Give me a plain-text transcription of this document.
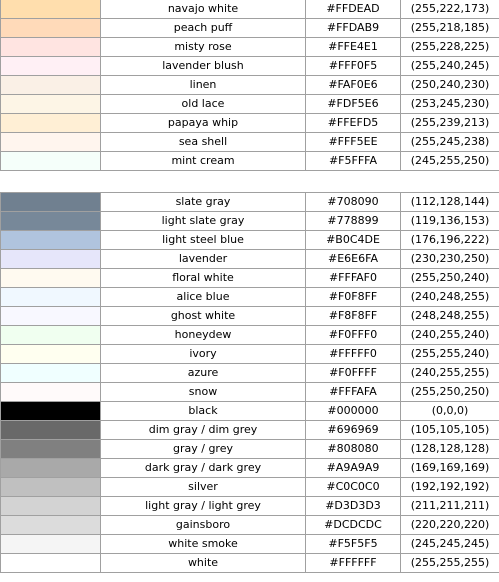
	navajo white	#FFDEAD	(255,222,173)
	peach puff	#FFDAB9	(255,218,185)
	misty rose	#FFE4E1	(255,228,225)
	lavender blush	#FFF0F5	(255,240,245)
	linen	#FAF0E6	(250,240,230)
	old lace	#FDF5E6	(253,245,230)
	papaya whip	#FFEFD5	(255,239,213)
	sea shell	#FFF5EE	(255,245,238)
	mint cream	#F5FFFA	(245,255,250)
	slate gray	#708090	(112,128,144)
	light slate gray	#778899	(119,136,153)
	light steel blue	#B0C4DE	(176,196,222)
	lavender	#E6E6FA	(230,230,250)
	floral white	#FFFAF0	(255,250,240)
	alice blue	#F0F8FF	(240,248,255)
	ghost white	#F8F8FF	(248,248,255)
	honeydew	#F0FFF0	(240,255,240)
	ivory	#FFFFF0	(255,255,240)
	azure	#F0FFFF	(240,255,255)
	snow	#FFFAFA	(255,250,250)
	black	#000000	(0,0,0)
	dim gray / dim grey	#696969	(105,105,105)
	gray / grey	#808080	(128,128,128)
	dark gray / dark grey	#A9A9A9	(169,169,169)
	silver	#C0C0C0	(192,192,192)
	light gray / light grey	#D3D3D3	(211,211,211)
	gainsboro	#DCDCDC	(220,220,220)
	white smoke	#F5F5F5	(245,245,245)
	white	#FFFFFF	(255,255,255)
